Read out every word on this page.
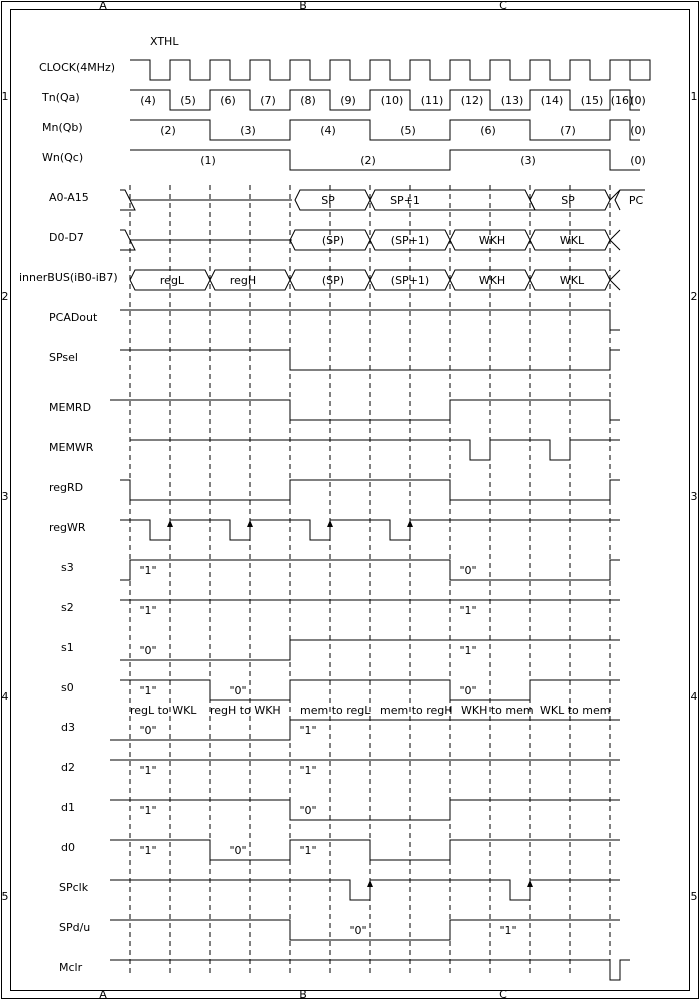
A
A
B
B
C
C
1	1
2	2
3	3
4	4
5	5
CLOCK(4MHz)
Tn(Qa)
Mn(Qb)
Wn(Qc)
A0-A15
D0-D7
innerBUS(iB0-iB7)
PCADout
SPsel
MEMRD
MEMWR
regRD
regWR
s3
s2
s1
s0
d3
d2
d1
d0
SPclk
SPd/u
Mclr
XTHL
(4) (5) (6) (7) (8) (9) (10) (11) (12) (13) (14) (15) (16)
(0)
(2)	(3)	(4)	(5)	(6)	(7)	(0)
(1)	(2)	(3)	(0)
SP	SP+1	SP	PC
(SP)	(SP+1)	WKH	WKL
regL	regH	(SP)	(SP+1)	WKH	WKL
"1"	"0"
"1"	"1"
"0"	"1"
"1"	"0"	"0"
regL to WKL regH to WKH mem to regL mem to regH WKH to mem WKL to mem
"0"	"1"
"1"	"1"
"1"	"0"
"1"	"0"	"1"
"0"	"1"
